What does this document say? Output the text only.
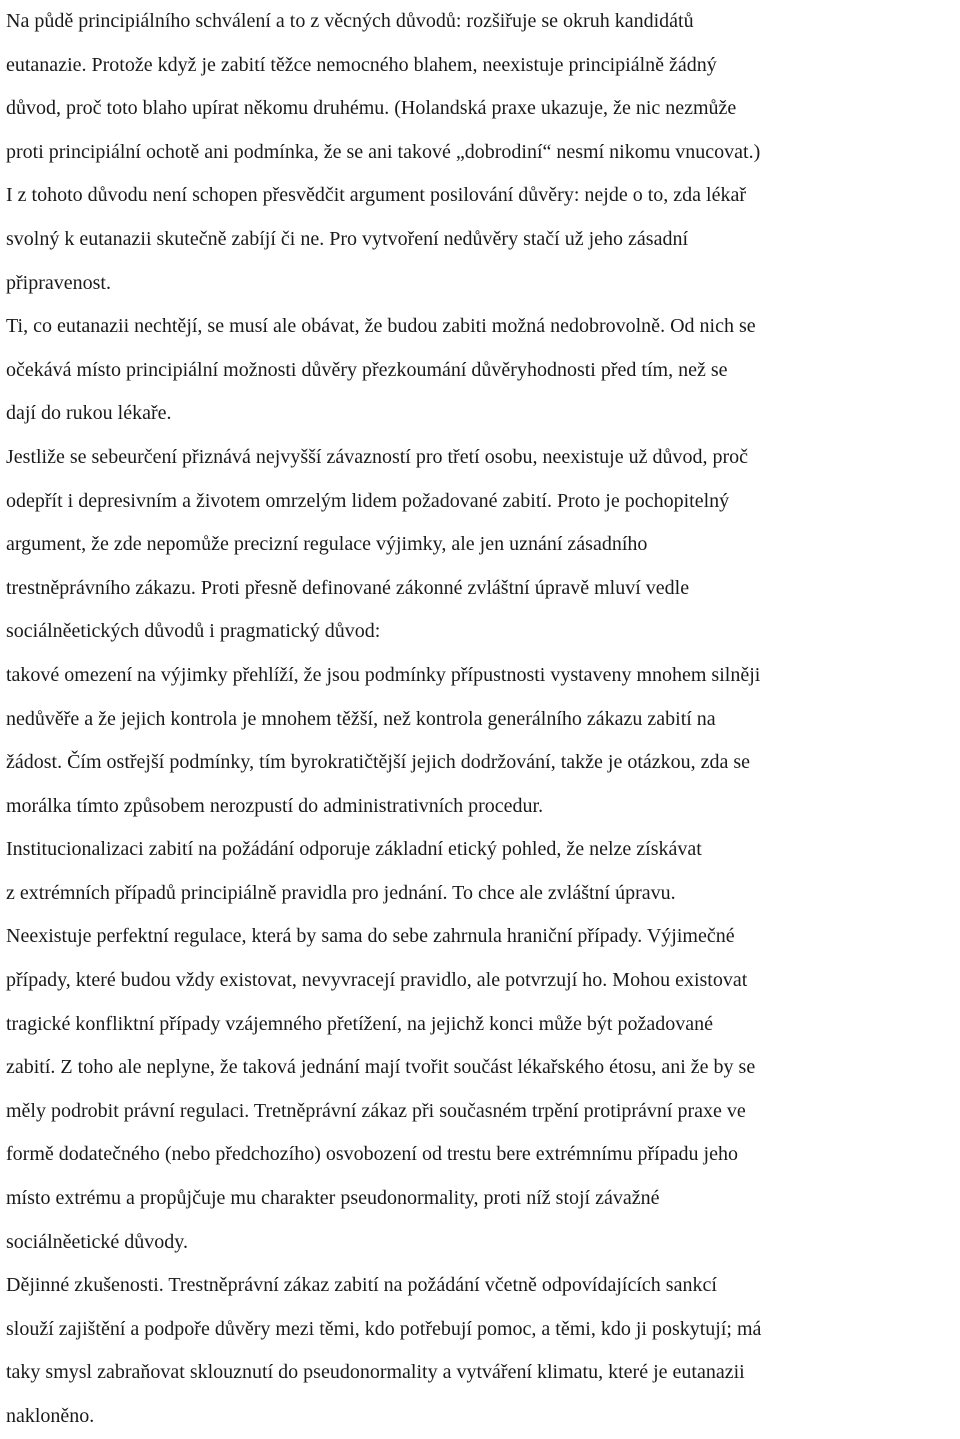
Na půdě principiálního schválení a to z věcných důvodů: rozšiřuje se okruh kandidátů
eutanazie. Protože když je zabití těžce nemocného blahem, neexistuje principiálně žádný
důvod, proč toto blaho upírat někomu druhému. (Holandská praxe ukazuje, že nic nezmůže
proti principiální ochotě ani podmínka, že se ani takové „dobrodiní“ nesmí nikomu vnucovat.)
I z tohoto důvodu není schopen přesvědčit argument posilování důvěry: nejde o to, zda lékař
svolný k eutanazii skutečně zabíjí či ne. Pro vytvoření nedůvěry stačí už jeho zásadní
připravenost.
Ti, co eutanazii nechtějí, se musí ale obávat, že budou zabiti možná nedobrovolně. Od nich se
očekává místo principiální možnosti důvěry přezkoumání důvěryhodnosti před tím, než se
dají do rukou lékaře.
Jestliže se sebeurčení přiznává nejvyšší závazností pro třetí osobu, neexistuje už důvod, proč
odepřít i depresivním a životem omrzelým lidem požadované zabití. Proto je pochopitelný
argument, že zde nepomůže precizní regulace výjimky, ale jen uznání zásadního
trestněprávního zákazu. Proti přesně definované zákonné zvláštní úpravě mluví vedle
sociálněetických důvodů i pragmatický důvod:
takové omezení na výjimky přehlíží, že jsou podmínky přípustnosti vystaveny mnohem silněji
nedůvěře a že jejich kontrola je mnohem těžší, než kontrola generálního zákazu zabití na
žádost. Čím ostřejší podmínky, tím byrokratičtější jejich dodržování, takže je otázkou, zda se
morálka tímto způsobem nerozpustí do administrativních procedur.
Institucionalizaci zabití na požádání odporuje základní etický pohled, že nelze získávat
z extrémních případů principiálně pravidla pro jednání. To chce ale zvláštní úpravu.
Neexistuje perfektní regulace, která by sama do sebe zahrnula hraniční případy. Výjimečné
případy, které budou vždy existovat, nevyvracejí pravidlo, ale potvrzují ho. Mohou existovat
tragické konfliktní případy vzájemného přetížení, na jejichž konci může být požadované
zabití. Z toho ale neplyne, že taková jednání mají tvořit součást lékařského étosu, ani že by se
měly podrobit právní regulaci. Tretněprávní zákaz při současném trpění protiprávní praxe ve
formě dodatečného (nebo předchozího) osvobození od trestu bere extrémnímu případu jeho
místo extrému a propůjčuje mu charakter pseudonormality, proti níž stojí závažné
sociálněetické důvody.
Dějinné zkušenosti. Trestněprávní zákaz zabití na požádání včetně odpovídajících sankcí
slouží zajištění a podpoře důvěry mezi těmi, kdo potřebují pomoc, a těmi, kdo ji poskytují; má
taky smysl zabraňovat sklouznutí do pseudonormality a vytváření klimatu, které je eutanazii
nakloněno.
